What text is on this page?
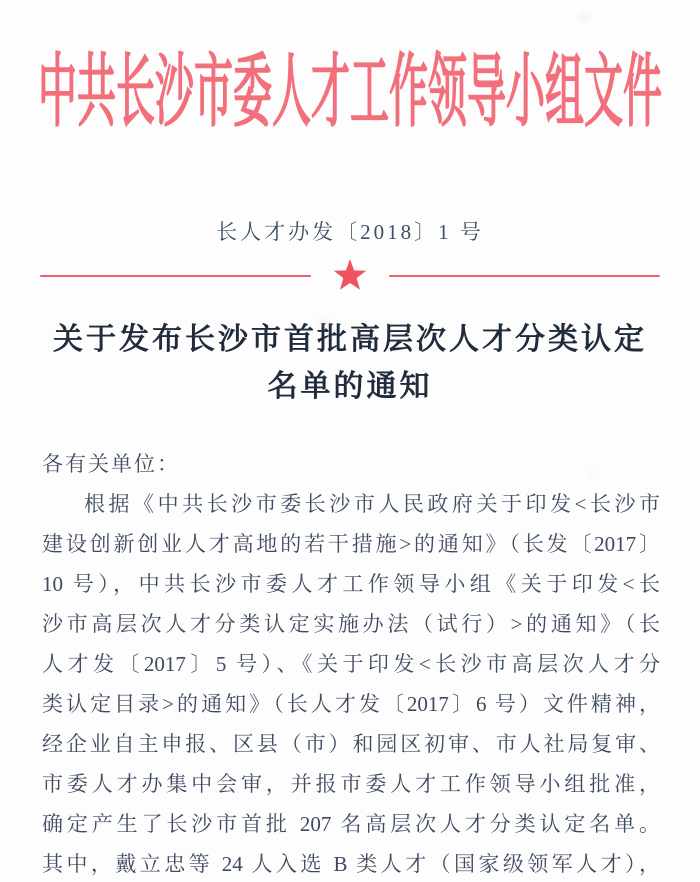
中共长沙市委人才工作领导小组文件
长人才办发〔2018〕1 号
关于发布长沙市首批高层次人才分类认定
名单的通知
各有关单位：
根据《中共长沙市委长沙市人民政府关于印发<长沙市
建设创新创业人才高地的若干措施>的通知》（长发〔2017〕
10 号），中共长沙市委人才工作领导小组《关于印发<长
沙市高层次人才分类认定实施办法（试行）>的通知》（长
人才发〔2017〕5 号）、《关于印发<长沙市高层次人才分
类认定目录>的通知》（长人才发〔2017〕6 号）文件精神，
经企业自主申报、区县（市）和园区初审、市人社局复审、
市委人才办集中会审，并报市委人才工作领导小组批准，
确定产生了长沙市首批 207 名高层次人才分类认定名单。
其中，戴立忠等 24 人入选 B 类人才（国家级领军人才），
